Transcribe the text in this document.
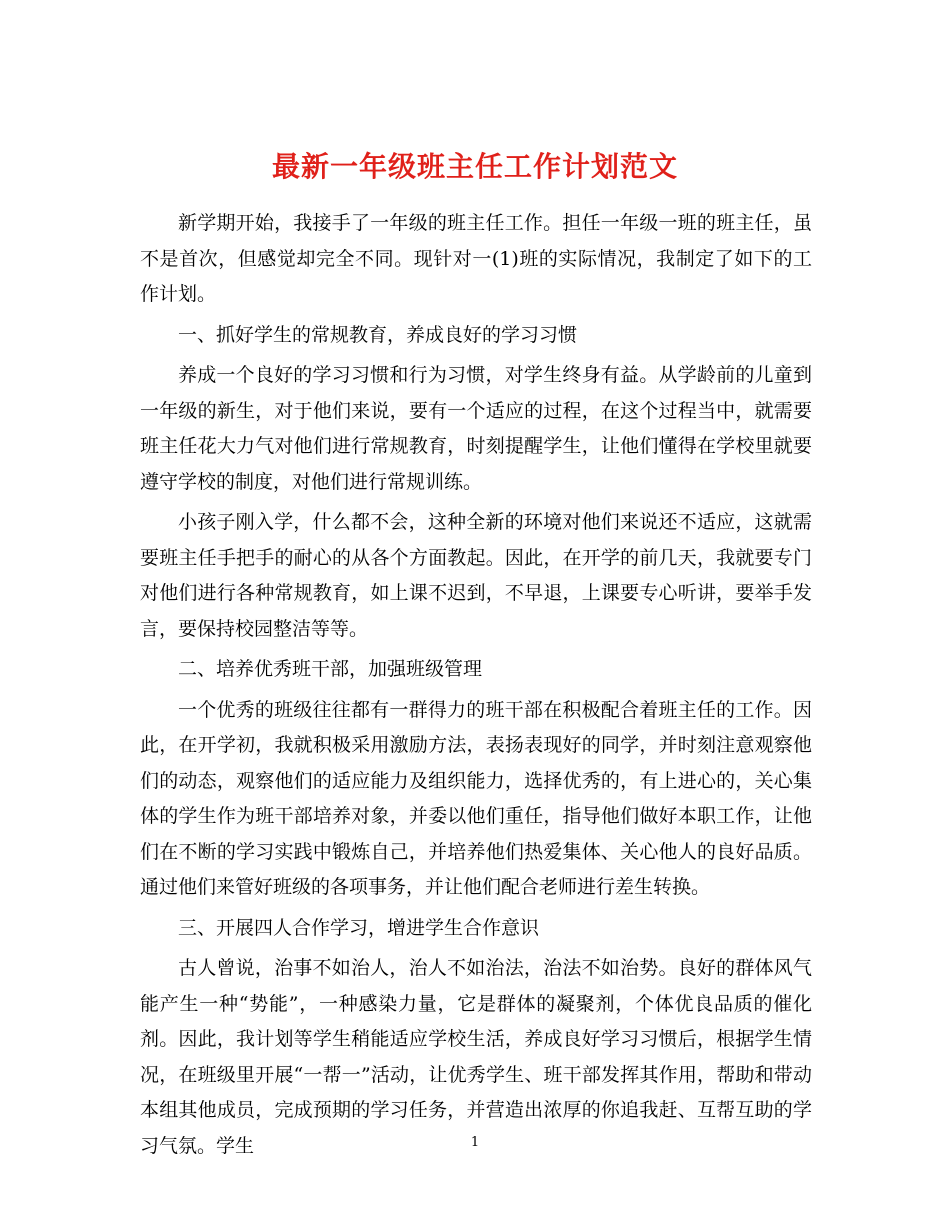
最新一年级班主任工作计划范文

新学期开始，我接手了一年级的班主任工作。担任一年级一班的班主任，虽不是首次，但感觉却完全不同。现针对一(1)班的实际情况，我制定了如下的工作计划。

一、抓好学生的常规教育，养成良好的学习习惯

养成一个良好的学习习惯和行为习惯，对学生终身有益。从学龄前的儿童到一年级的新生，对于他们来说，要有一个适应的过程，在这个过程当中，就需要班主任花大力气对他们进行常规教育，时刻提醒学生，让他们懂得在学校里就要遵守学校的制度，对他们进行常规训练。

小孩子刚入学，什么都不会，这种全新的环境对他们来说还不适应，这就需要班主任手把手的耐心的从各个方面教起。因此，在开学的前几天，我就要专门对他们进行各种常规教育，如上课不迟到，不早退，上课要专心听讲，要举手发言，要保持校园整洁等等。

二、培养优秀班干部，加强班级管理

一个优秀的班级往往都有一群得力的班干部在积极配合着班主任的工作。因此，在开学初，我就积极采用激励方法，表扬表现好的同学，并时刻注意观察他们的动态，观察他们的适应能力及组织能力，选择优秀的，有上进心的，关心集体的学生作为班干部培养对象，并委以他们重任，指导他们做好本职工作，让他们在不断的学习实践中锻炼自己，并培养他们热爱集体、关心他人的良好品质。通过他们来管好班级的各项事务，并让他们配合老师进行差生转换。

三、开展四人合作学习，增进学生合作意识

古人曾说，治事不如治人，治人不如治法，治法不如治势。良好的群体风气能产生一种“势能”，一种感染力量，它是群体的凝聚剂，个体优良品质的催化剂。因此，我计划等学生稍能适应学校生活，养成良好学习习惯后，根据学生情况，在班级里开展“一帮一”活动，让优秀学生、班干部发挥其作用，帮助和带动本组其他成员，完成预期的学习任务，并营造出浓厚的你追我赶、互帮互助的学习气氛。学生	1
